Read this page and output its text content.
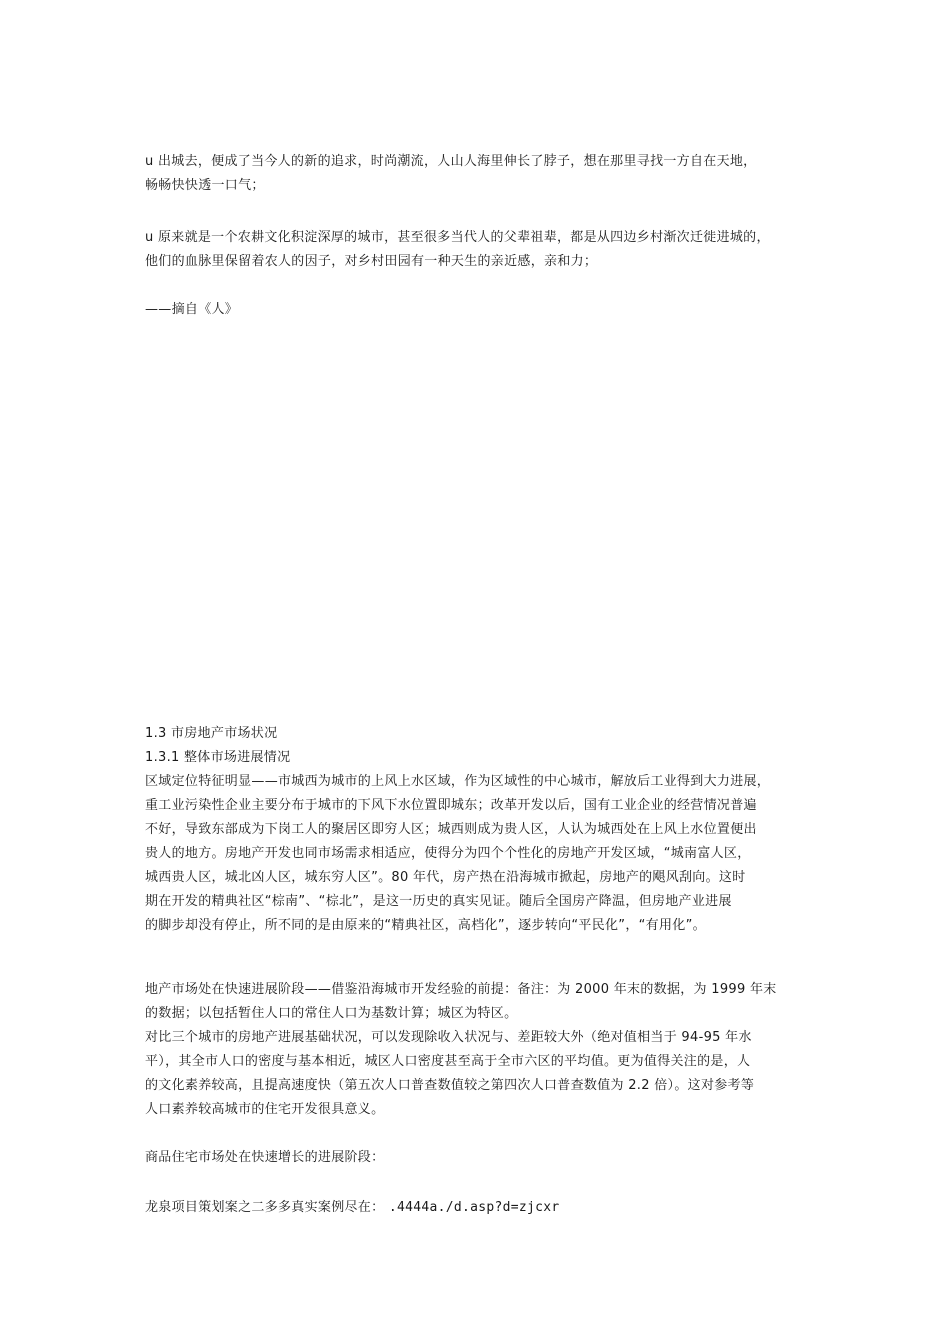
u 出城去，便成了当今人的新的追求，时尚潮流，人山人海里伸长了脖子，想在那里寻找一方自在天地，
畅畅快快透一口气；
u 原来就是一个农耕文化积淀深厚的城市，甚至很多当代人的父辈祖辈，都是从四边乡村渐次迁徙进城的，
他们的血脉里保留着农人的因子，对乡村田园有一种天生的亲近感，亲和力；
——摘自《人》
1.3 市房地产市场状况
1.3.1 整体市场进展情况
区域定位特征明显——市城西为城市的上风上水区域，作为区域性的中心城市，解放后工业得到大力进展，
重工业污染性企业主要分布于城市的下风下水位置即城东；改革开发以后，国有工业企业的经营情况普遍
不好，导致东部成为下岗工人的聚居区即穷人区；城西则成为贵人区，人认为城西处在上风上水位置便出
贵人的地方。房地产开发也同市场需求相适应，使得分为四个个性化的房地产开发区域，“城南富人区，
城西贵人区，城北凶人区，城东穷人区”。80 年代，房产热在沿海城市掀起，房地产的飓风刮向。这时
期在开发的精典社区“棕南”、“棕北”，是这一历史的真实见证。随后全国房产降温，但房地产业进展
的脚步却没有停止，所不同的是由原来的“精典社区，高档化”，逐步转向“平民化”，“有用化”。
地产市场处在快速进展阶段——借鉴沿海城市开发经验的前提：备注：为 2000 年末的数据，为 1999 年末
的数据；以包括暂住人口的常住人口为基数计算；城区为特区。
对比三个城市的房地产进展基础状况，可以发现除收入状况与、差距较大外（绝对值相当于 94-95 年水
平），其全市人口的密度与基本相近，城区人口密度甚至高于全市六区的平均值。更为值得关注的是，人
的文化素养较高，且提高速度快（第五次人口普查数值较之第四次人口普查数值为 2.2 倍）。这对参考等
人口素养较高城市的住宅开发很具意义。
商品住宅市场处在快速增长的进展阶段：
龙泉项目策划案之二多多真实案例尽在： .4444a./d.asp?d=zjcxr
